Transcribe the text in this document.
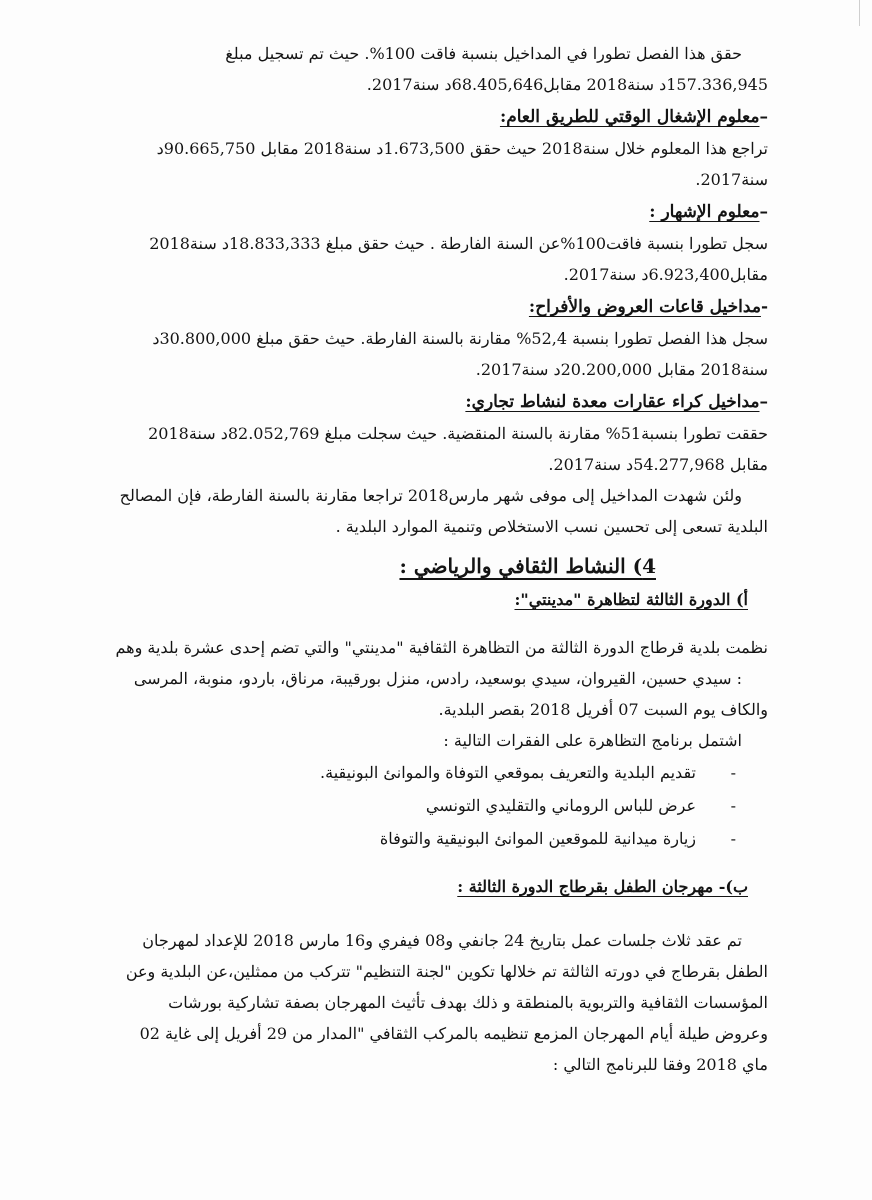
حقق هذا الفصل تطورا في المداخيل بنسبة فاقت 100%. حيث تم تسجيل مبلغ

157.336,945د سنة2018 مقابل68.405,646د سنة2017.

–معلوم الإشغال الوقتي للطريق العام:

تراجع هذا المعلوم خلال سنة2018 حيث حقق 1.673,500د سنة2018 مقابل 90.665,750د

سنة2017.

–معلوم الإشهار :

سجل تطورا بنسبة فاقت100%عن السنة الفارطة . حيث حقق مبلغ 18.833,333د سنة2018

مقابل6.923,400د سنة2017.

-مداخيل قاعات العروض والأفراح:

سجل هذا الفصل تطورا بنسبة 52,4% مقارنة بالسنة الفارطة. حيث حقق مبلغ 30.800,000د

سنة2018 مقابل 20.200,000د سنة2017.

–مداخيل كراء عقارات معدة لنشاط تجاري:

حققت تطورا بنسبة51% مقارنة بالسنة المنقضية. حيث سجلت مبلغ 82.052,769د سنة2018

مقابل 54.277,968د سنة2017.

ولئن شهدت المداخيل إلى موفى شهر مارس2018 تراجعا مقارنة بالسنة الفارطة، فإن المصالح

البلدية تسعى إلى تحسين نسب الاستخلاص وتنمية الموارد البلدية .

4) النشاط الثقافي والرياضي :
أ) الدورة الثالثة لتظاهرة "مدينتي":

نظمت بلدية قرطاج الدورة الثالثة من التظاهرة الثقافية "مدينتي" والتي تضم إحدى عشرة بلدية وهم

: سيدي حسين، القيروان، سيدي بوسعيد، رادس، منزل بورقيبة، مرناق، باردو، منوبة، المرسى

والكاف يوم السبت 07 أفريل 2018 بقصر البلدية.

اشتمل برنامج التظاهرة على الفقرات التالية :

- تقديم البلدية والتعريف بموقعي التوفاة والموانئ البونيقية.
- عرض للباس الروماني والتقليدي التونسي
- زيارة ميدانية للموقعين الموانئ البونيقية والتوفاة
ب)- مهرجان الطفل بقرطاج الدورة الثالثة :

تم عقد ثلاث جلسات عمل بتاريخ 24 جانفي و08 فيفري و16 مارس 2018 للإعداد لمهرجان

الطفل بقرطاج في دورته الثالثة تم خلالها تكوين "لجنة التنظيم" تتركب من ممثلين،عن البلدية وعن

المؤسسات الثقافية والتربوية بالمنطقة و ذلك بهدف تأثيث المهرجان بصفة تشاركية بورشات

وعروض طيلة أيام المهرجان المزمع تنظيمه بالمركب الثقافي "المدار من 29 أفريل إلى غاية 02

ماي 2018 وفقا للبرنامج التالي :
